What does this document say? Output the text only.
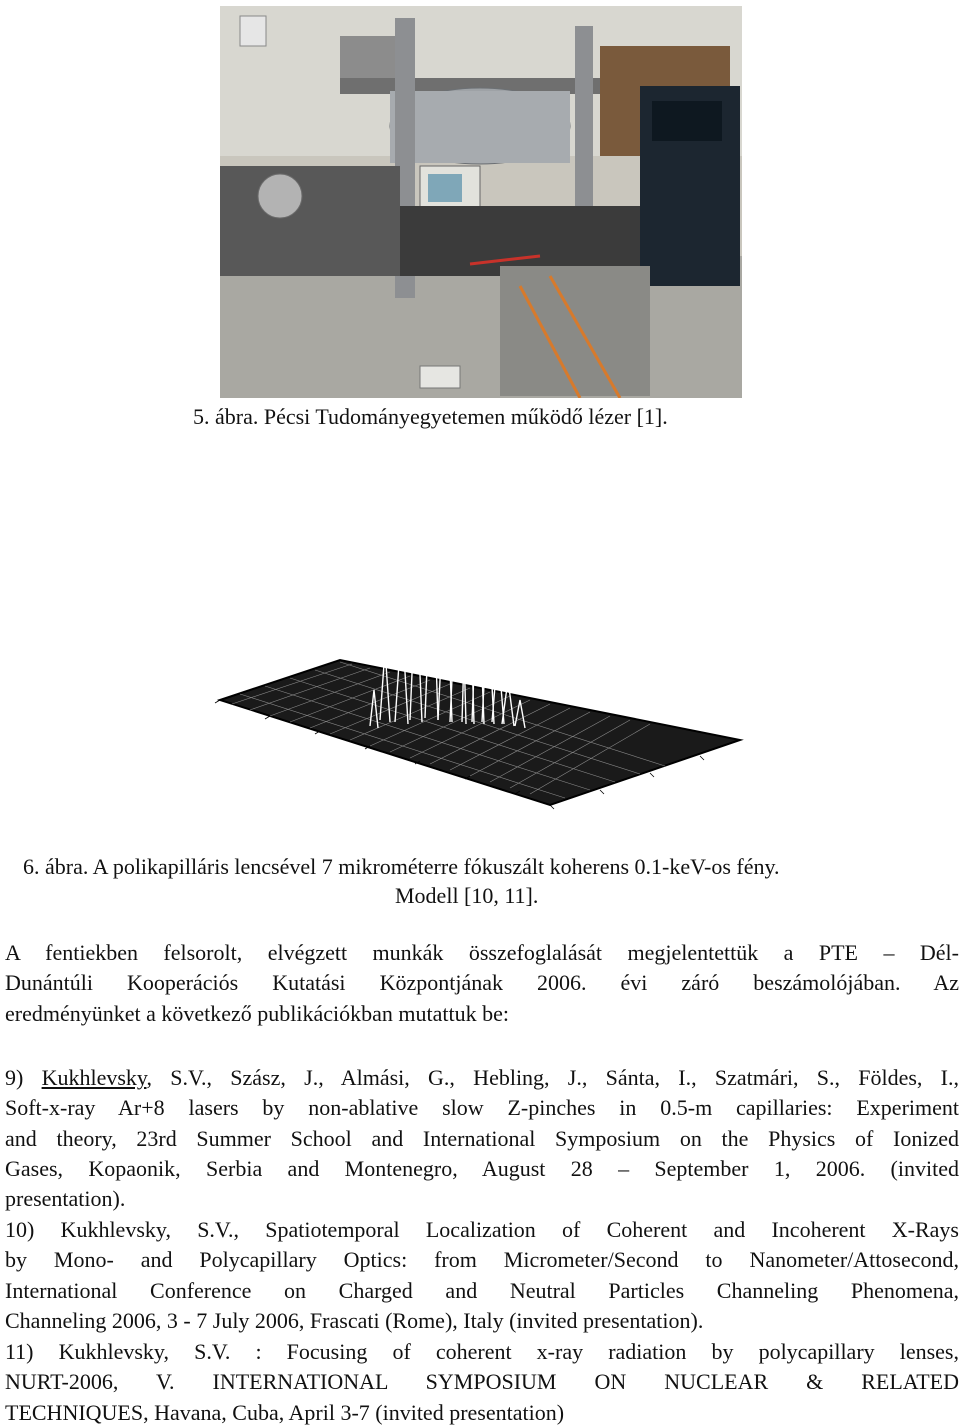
5. ábra. Pécsi Tudományegyetemen működő lézer [1].
6. ábra. A polikapilláris lencsével 7 mikrométerre fókuszált koherens 0.1-keV-os fény.
Modell [10, 11].
A fentiekben felsorolt, elvégzett munkák összefoglalását megjelentettük a PTE – Dél-
Dunántúli Kooperációs Kutatási Központjának 2006. évi záró beszámolójában. Az
eredményünket a következő publikációkban mutattuk be:
9) Kukhlevsky, S.V., Szász, J., Almási, G., Hebling, J., Sánta, I., Szatmári, S., Földes, I.,
Soft-x-ray Ar+8 lasers by non-ablative slow Z-pinches in 0.5-m capillaries: Experiment
and theory, 23rd Summer School and International Symposium on the Physics of Ionized
Gases, Kopaonik, Serbia and Montenegro, August 28 – September 1, 2006. (invited
presentation).
10) Kukhlevsky, S.V., Spatiotemporal Localization of Coherent and Incoherent X-Rays
by Mono- and Polycapillary Optics: from Micrometer/Second to Nanometer/Attosecond,
International Conference on Charged and Neutral Particles Channeling Phenomena,
Channeling 2006, 3 - 7 July 2006, Frascati (Rome), Italy (invited presentation).
11) Kukhlevsky, S.V. : Focusing of coherent x-ray radiation by polycapillary lenses,
NURT-2006, V. INTERNATIONAL SYMPOSIUM ON NUCLEAR & RELATED
TECHNIQUES, Havana, Cuba, April 3-7 (invited presentation)
